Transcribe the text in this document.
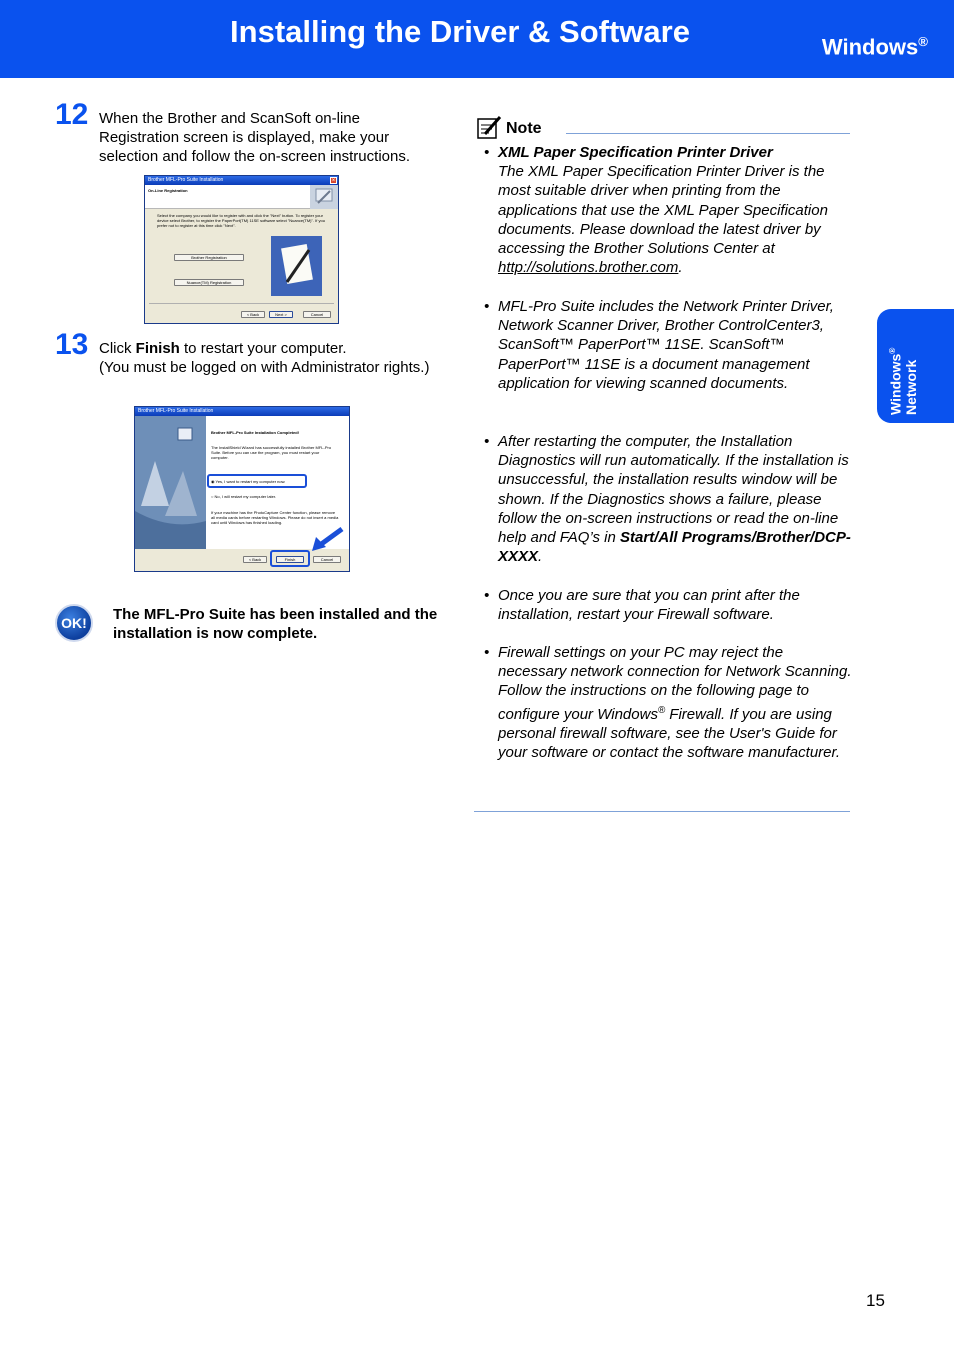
Installing the Driver & Software	Windows®
Windows®
Network
12 When the Brother and ScanSoft on-line Registration screen is displayed, make your selection and follow the on-screen instructions.
Brother MFL-Pro Suite Installation	×
On-Line Registration
Select the company you would like to register with and click the "Next" button. To register your device select Brother, to register the PaperPort(TM) 11SE software select "Nuance(TM)". If you prefer not to register at this time click "Next".
Brother Registration
Nuance(TM) Registration
< Back	Next >	Cancel
13 Click Finish to restart your computer.
(You must be logged on with Administrator rights.)
Brother MFL-Pro Suite Installation
Brother MFL-Pro Suite Installation Completed!
The InstallShield Wizard has successfully installed Brother MFL-Pro Suite. Before you can use the program, you must restart your computer.
◉ Yes, I want to restart my computer now.
○ No, I will restart my computer later.
If your machine has the PhotoCapture Center function, please remove all media cards before restarting Windows. Please do not insert a media card until Windows has finished loading.
< Back	Finish	Cancel
OK!	The MFL-Pro Suite has been installed and the installation is now complete.
Note
• XML Paper Specification Printer Driver
The XML Paper Specification Printer Driver is the most suitable driver when printing from the applications that use the XML Paper Specification documents. Please download the latest driver by accessing the Brother Solutions Center at http://solutions.brother.com.
• MFL-Pro Suite includes the Network Printer Driver, Network Scanner Driver, Brother ControlCenter3, ScanSoft™ PaperPort™ 11SE. ScanSoft™ PaperPort™ 11SE is a document management application for viewing scanned documents.
• After restarting the computer, the Installation Diagnostics will run automatically. If the installation is unsuccessful, the installation results window will be shown. If the Diagnostics shows a failure, please follow the on-screen instructions or read the on-line help and FAQ’s in Start/All Programs/Brother/DCP-XXXX.
• Once you are sure that you can print after the installation, restart your Firewall software.
• Firewall settings on your PC may reject the necessary network connection for Network Scanning.
Follow the instructions on the following page to configure your Windows® Firewall. If you are using personal firewall software, see the User's Guide for your software or contact the software manufacturer.
15
